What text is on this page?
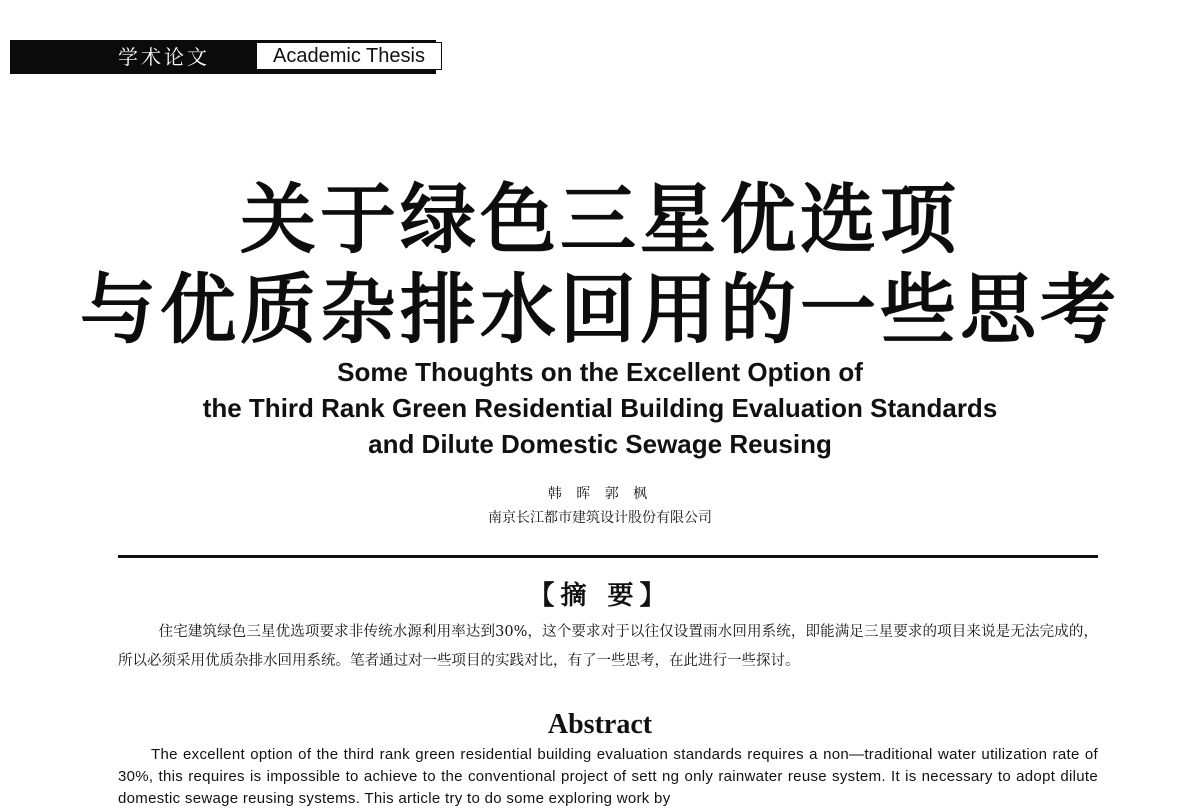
学术论文	Academic Thesis
关于绿色三星优选项
与优质杂排水回用的一些思考
Some Thoughts on the Excellent Option of
the Third Rank Green Residential Building Evaluation Standards
and Dilute Domestic Sewage Reusing
韩 晖 郭 枫
南京长江都市建筑设计股份有限公司
【摘 要】

住宅建筑绿色三星优选项要求非传统水源利用率达到30%，这个要求对于以往仅设置雨水回用系统，即能满足三星要求的项目来说是无法完成的，所以必须采用优质杂排水回用系统。笔者通过对一些项目的实践对比，有了一些思考，在此进行一些探讨。

Abstract

The excellent option of the third rank green residential building evaluation standards requires a non—traditional water utilization rate of 30%, this requires is impossible to achieve to the conventional project of sett ng only rainwater reuse system. It is necessary to adopt dilute domestic sewage reusing systems. This article try to do some exploring work by
